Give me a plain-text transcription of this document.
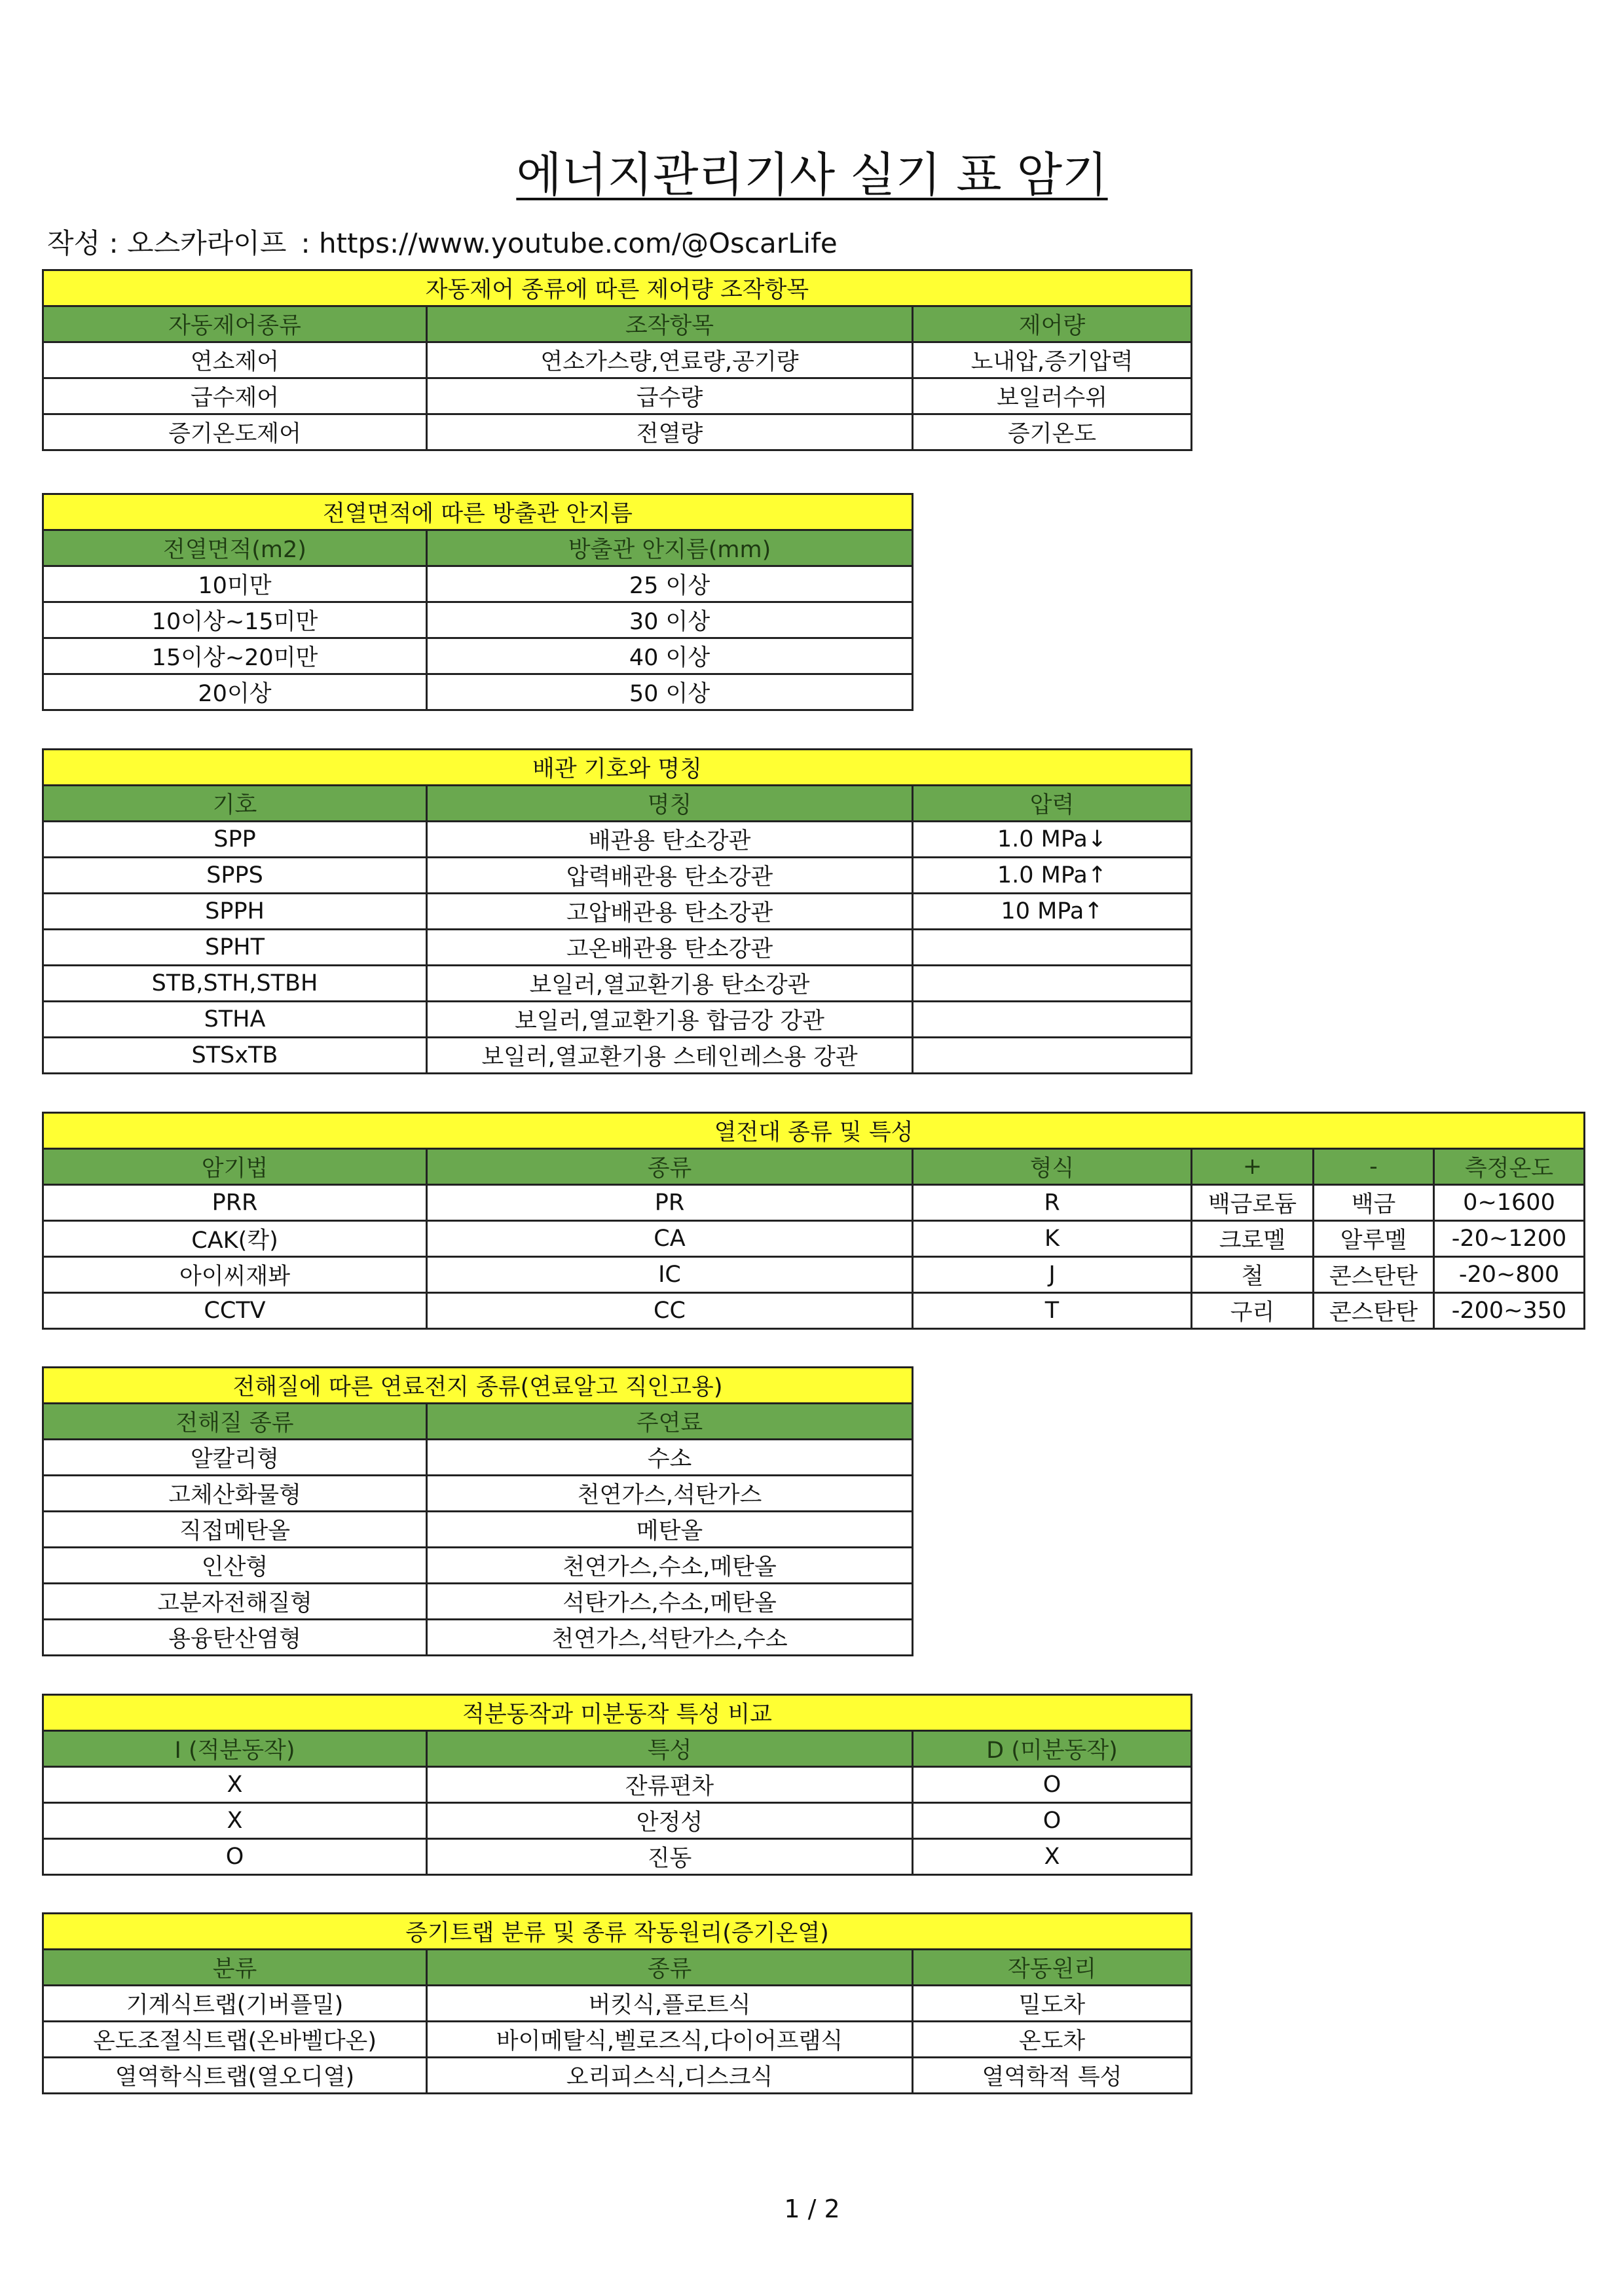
에너지관리기사 실기 표 암기
작성 : 오스카라이프 : https://www.youtube.com/@OscarLife
자동제어 종류에 따른 제어량 조작항목		
자동제어종류	조작항목	제어량
연소제어	연소가스량,연료량,공기량	노내압,증기압력
급수제어	급수량	보일러수위
증기온도제어	전열량	증기온도
전열면적에 따른 방출관 안지름	
전열면적(m2)	방출관 안지름(mm)
10미만	25 이상
10이상~15미만	30 이상
15이상~20미만	40 이상
20이상	50 이상
배관 기호와 명칭		
기호	명칭	압력
SPP	배관용 탄소강관	1.0 MPa↓
SPPS	압력배관용 탄소강관	1.0 MPa↑
SPPH	고압배관용 탄소강관	10 MPa↑
SPHT	고온배관용 탄소강관	
STB,STH,STBH	보일러,열교환기용 탄소강관	
STHA	보일러,열교환기용 합금강 강관	
STSxTB	보일러,열교환기용 스테인레스용 강관	
열전대 종류 및 특성					
암기법	종류	형식	+	-	측정온도
PRR	PR	R	백금로듐	백금	0~1600
CAK(칵)	CA	K	크로멜	알루멜	-20~1200
아이씨재봐	IC	J	철	콘스탄탄	-20~800
CCTV	CC	T	구리	콘스탄탄	-200~350
전해질에 따른 연료전지 종류(연료알고 직인고용)	
전해질 종류	주연료
알칼리형	수소
고체산화물형	천연가스,석탄가스
직접메탄올	메탄올
인산형	천연가스,수소,메탄올
고분자전해질형	석탄가스,수소,메탄올
용융탄산염형	천연가스,석탄가스,수소
적분동작과 미분동작 특성 비교		
I (적분동작)	특성	D (미분동작)
X	잔류편차	O
X	안정성	O
O	진동	X
증기트랩 분류 및 종류 작동원리(증기온열)		
분류	종류	작동원리
기계식트랩(기버플밀)	버킷식,플로트식	밀도차
온도조절식트랩(온바벨다온)	바이메탈식,벨로즈식,다이어프램식	온도차
열역학식트랩(열오디열)	오리피스식,디스크식	열역학적 특성
1 / 2
